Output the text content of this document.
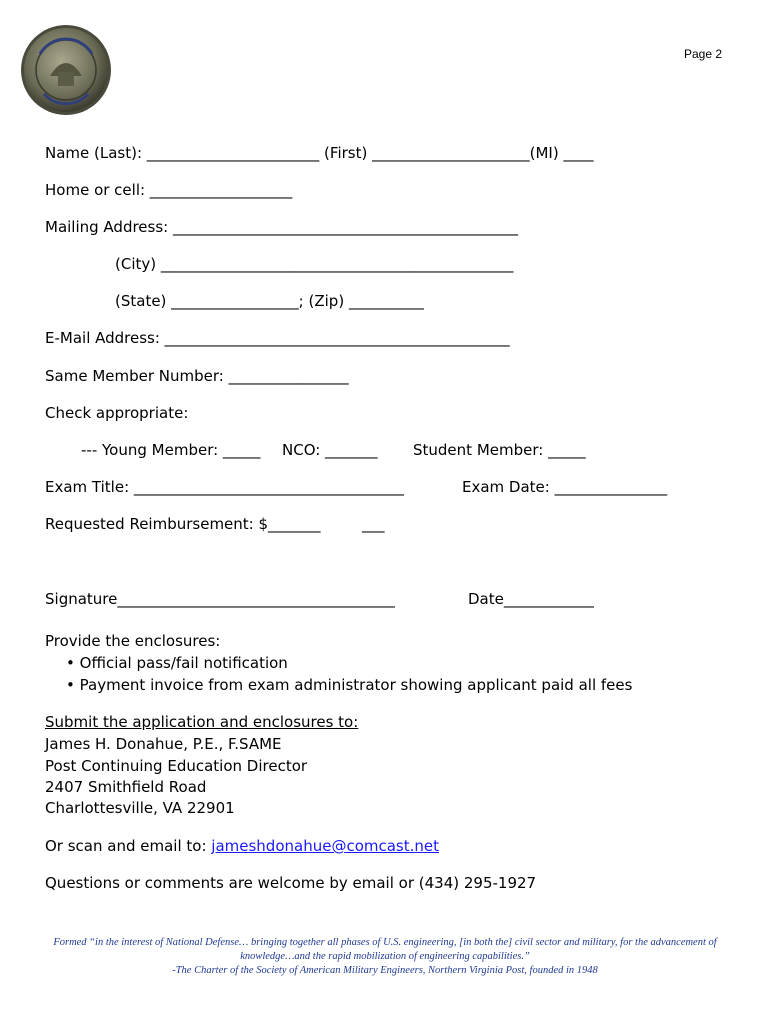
Page 2
Name (Last): _______________________ (First) _____________________(MI) ____
Home or cell: ___________________
Mailing Address: ______________________________________________
(City) _______________________________________________
(State) _________________; (Zip) __________
E-Mail Address: ______________________________________________
Same Member Number: ________________
Check appropriate:
--- Young Member: _____ NCO: _______ Student Member: _____
Exam Title: ____________________________________	Exam Date: _______________
Requested Reimbursement: $_______	___
Signature_____________________________________	Date____________
Provide the enclosures:
• Official pass/fail notification
• Payment invoice from exam administrator showing applicant paid all fees
Submit the application and enclosures to:
James H. Donahue, P.E., F.SAME
Post Continuing Education Director
2407 Smithfield Road
Charlottesville, VA 22901
Or scan and email to: jameshdonahue@comcast.net
Questions or comments are welcome by email or (434) 295-1927
Formed “in the interest of National Defense… bringing together all phases of U.S. engineering, [in both the] civil sector and military, for the advancement of knowledge…and the rapid mobilization of engineering capabilities.”
-The Charter of the Society of American Military Engineers, Northern Virginia Post, founded in 1948
